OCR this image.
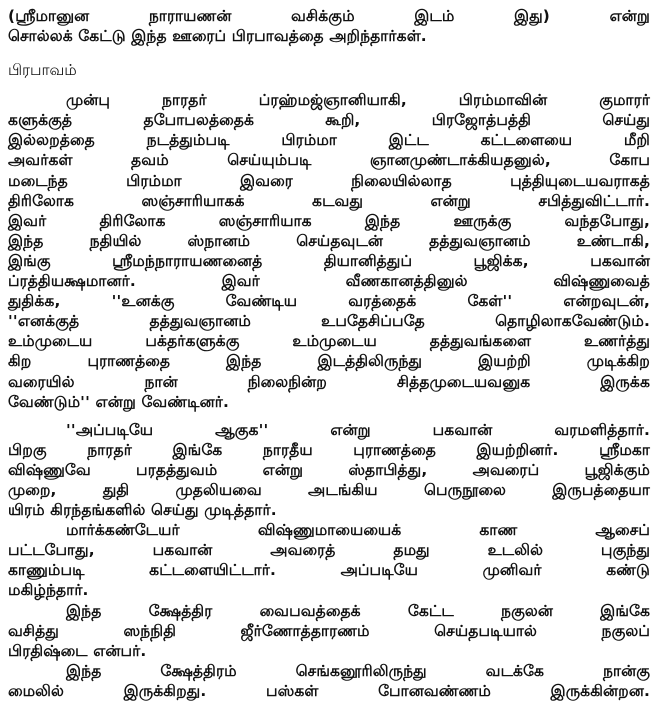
(ஸ்ரீமானுன நாராயணன் வசிக்கும் இடம் இது) என்று
சொல்லக் கேட்டு இந்த ஊரைப் பிரபாவத்தை அறிந்தார்கள்.
பிரபாவம்
முன்பு நாரதர் ப்ரஹ்மஜ்ஞானியாகி, பிரம்மாவின் குமாரர்
களுக்குத் தபோபலத்தைக் கூறி, பிரஜோத்பத்தி செய்து
இல்லறத்தை நடத்தும்படி பிரம்மா இட்ட கட்டளையை மீறி
அவர்கள் தவம் செய்யும்படி ஞானமுண்டாக்கியதனுல், கோப
மடைந்த பிரம்மா இவரை நிலையில்லாத புத்தியுடையவராகத்
திரிலோக ஸஞ்சாரியாகக் கடவது என்று சபித்துவிட்டார்.
இவர் திரிலோக ஸஞ்சாரியாக இந்த ஊருக்கு வந்தபோது,
இந்த நதியில் ஸ்நானம் செய்தவுடன் தத்துவஞானம் உண்டாகி,
இங்கு ஸ்ரீமந்நாராயணனைத் தியானித்துப் பூஜிக்க, பகவான்
ப்ரத்தியக்ஷமானர். இவர் வீணகானத்தினுல் விஷ்ணுவைத்
துதிக்க, ''உனக்கு வேண்டிய வரத்தைக் கேள்'' என்றவுடன்,
''எனக்குத் தத்துவஞானம் உபதேசிப்பதே தொழிலாகவேண்டும்.
உம்முடைய பக்தர்களுக்கு உம்முடைய தத்துவங்களை உணர்த்து
கிற புராணத்தை இந்த இடத்திலிருந்து இயற்றி முடிக்கிற
வரையில் நான் நிலைநின்ற சித்தமுடையவனுக இருக்க
வேண்டும்'' என்று வேண்டினர்.
''அப்படியே ஆகுக'' என்று பகவான் வரமளித்தார்.
பிறகு நாரதர் இங்கே நாரதீய புராணத்தை இயற்றினர். ஸ்ரீமகா
விஷ்ணுவே பரதத்துவம் என்று ஸ்தாபித்து, அவரைப் பூஜிக்கும்
முறை, துதி முதலியவை அடங்கிய பெருநூலை இருபத்தையா
யிரம் கிரந்தங்களில் செய்து முடித்தார்.
மார்க்கண்டேயர் விஷ்ணுமாயையைக் காண ஆசைப்
பட்டபோது, பகவான் அவரைத் தமது உடலில் புகுந்து
காணும்படி கட்டளையிட்டார். அப்படியே முனிவர் கண்டு
மகிழ்ந்தார்.
இந்த க்ஷேத்திர வைபவத்தைக் கேட்ட நகுலன் இங்கே
வசித்து ஸந்நிதி ஜீர்ணோத்தாரணம் செய்தபடியால் நகுலப்
பிரதிஷ்டை என்பர்.
இந்த க்ஷேத்திரம் செங்கனூரிலிருந்து வடக்கே நான்கு
மைலில் இருக்கிறது. பஸ்கள் போனவண்ணம் இருக்கின்றன.
